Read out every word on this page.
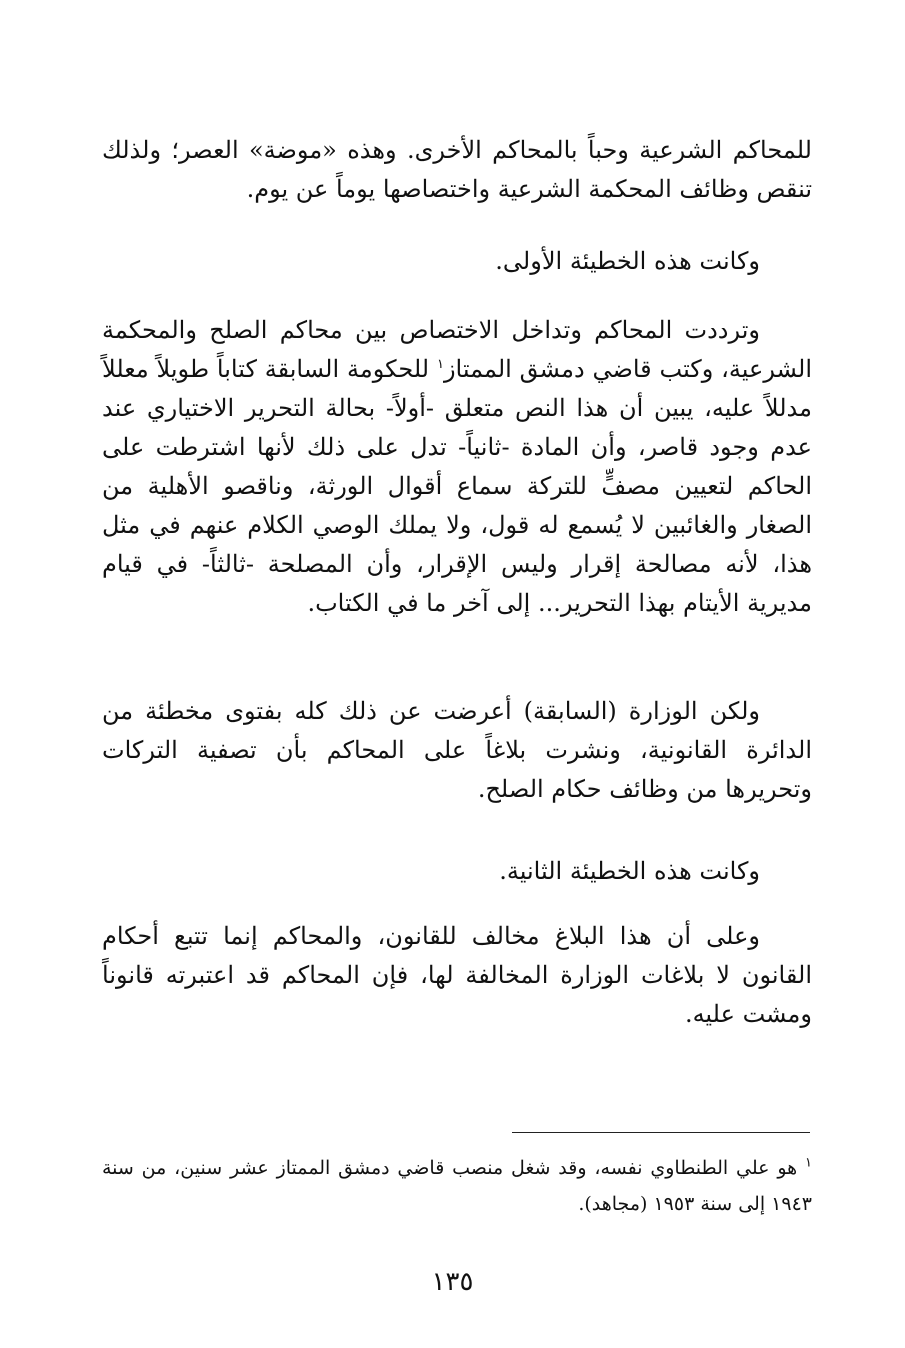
للمحاكم الشرعية وحباً بالمحاكم الأخرى. وهذه «موضة» العصر؛ ولذلك تنقص وظائف المحكمة الشرعية واختصاصها يوماً عن يوم.

وكانت هذه الخطيئة الأولى.

وترددت المحاكم وتداخل الاختصاص بين محاكم الصلح والمحكمة الشرعية، وكتب قاضي دمشق الممتاز$^١$ للحكومة السابقة كتاباً طويلاً معللاً مدللاً عليه، يبين أن هذا النص متعلق -أولاً- بحالة التحرير الاختياري عند عدم وجود قاصر، وأن المادة -ثانياً- تدل على ذلك لأنها اشترطت على الحاكم لتعيين مصفٍّ للتركة سماع أقوال الورثة، وناقصو الأهلية من الصغار والغائبين لا يُسمع له قول، ولا يملك الوصي الكلام عنهم في مثل هذا، لأنه مصالحة إقرار وليس الإقرار، وأن المصلحة -ثالثاً- في قيام مديرية الأيتام بهذا التحرير... إلى آخر ما في الكتاب.

ولكن الوزارة (السابقة) أعرضت عن ذلك كله بفتوى مخطئة من الدائرة القانونية، ونشرت بلاغاً على المحاكم بأن تصفية التركات وتحريرها من وظائف حكام الصلح.

وكانت هذه الخطيئة الثانية.

وعلى أن هذا البلاغ مخالف للقانون، والمحاكم إنما تتبع أحكام القانون لا بلاغات الوزارة المخالفة لها، فإن المحاكم قد اعتبرته قانوناً ومشت عليه.

$^١$ هو علي الطنطاوي نفسه، وقد شغل منصب قاضي دمشق الممتاز عشر سنين، من سنة ١٩٤٣ إلى سنة ١٩٥٣ (مجاهد).

١٣٥
